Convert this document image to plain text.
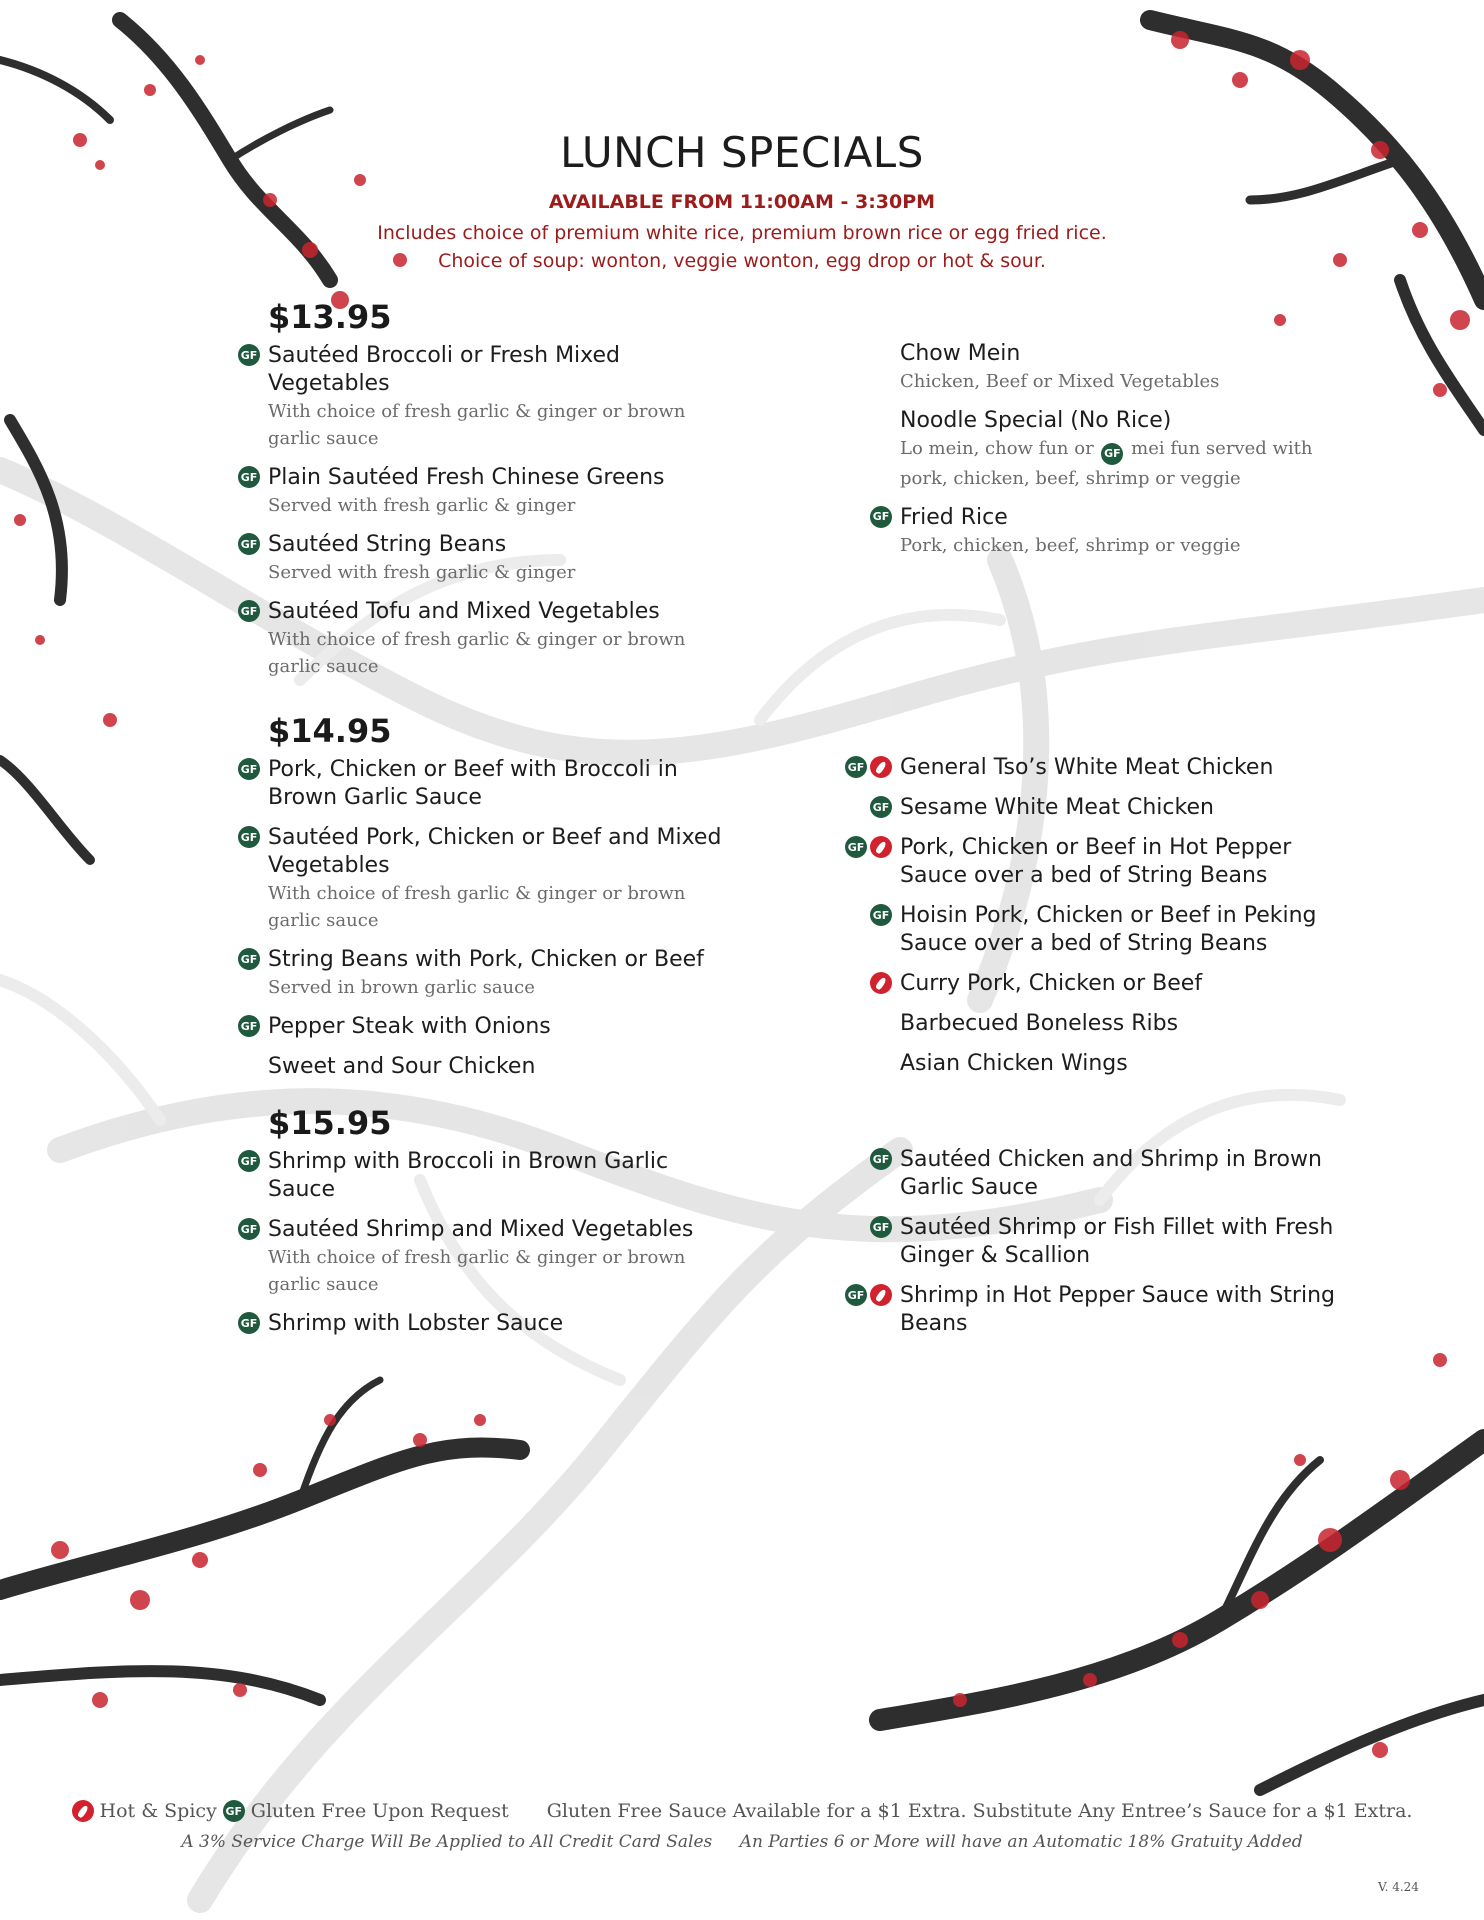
LUNCH SPECIALS
AVAILABLE FROM 11:00AM - 3:30PM
Includes choice of premium white rice, premium brown rice or egg fried rice.
Choice of soup: wonton, veggie wonton, egg drop or hot & sour.
$13.95
GF Sautéed Broccoli or Fresh Mixed Vegetables
With choice of fresh garlic & ginger or brown garlic sauce
GF Plain Sautéed Fresh Chinese Greens
Served with fresh garlic & ginger
GF Sautéed String Beans
Served with fresh garlic & ginger
GF Sautéed Tofu and Mixed Vegetables
With choice of fresh garlic & ginger or brown garlic sauce
Chow Mein
Chicken, Beef or Mixed Vegetables
Noodle Special (No Rice)
Lo mein, chow fun or GF mei fun served with pork, chicken, beef, shrimp or veggie
GF Fried Rice
Pork, chicken, beef, shrimp or veggie
$14.95
GF Pork, Chicken or Beef with Broccoli in Brown Garlic Sauce
GF Sautéed Pork, Chicken or Beef and Mixed Vegetables
With choice of fresh garlic & ginger or brown garlic sauce
GF String Beans with Pork, Chicken or Beef
Served in brown garlic sauce
GF Pepper Steak with Onions
Sweet and Sour Chicken
GF General Tso’s White Meat Chicken
GF Sesame White Meat Chicken
GF Pork, Chicken or Beef in Hot Pepper Sauce over a bed of String Beans
GF Hoisin Pork, Chicken or Beef in Peking Sauce over a bed of String Beans
Curry Pork, Chicken or Beef
Barbecued Boneless Ribs
Asian Chicken Wings
$15.95
GF Shrimp with Broccoli in Brown Garlic Sauce
GF Sautéed Shrimp and Mixed Vegetables
With choice of fresh garlic & ginger or brown garlic sauce
GF Shrimp with Lobster Sauce
GF Sautéed Chicken and Shrimp in Brown Garlic Sauce
GF Sautéed Shrimp or Fish Fillet with Fresh Ginger & Scallion
GF Shrimp in Hot Pepper Sauce with String Beans
Hot & Spicy GF Gluten Free Upon Request Gluten Free Sauce Available for a $1 Extra. Substitute Any Entree’s Sauce for a $1 Extra.
A 3% Service Charge Will Be Applied to All Credit Card Sales An Parties 6 or More will have an Automatic 18% Gratuity Added
V. 4.24
